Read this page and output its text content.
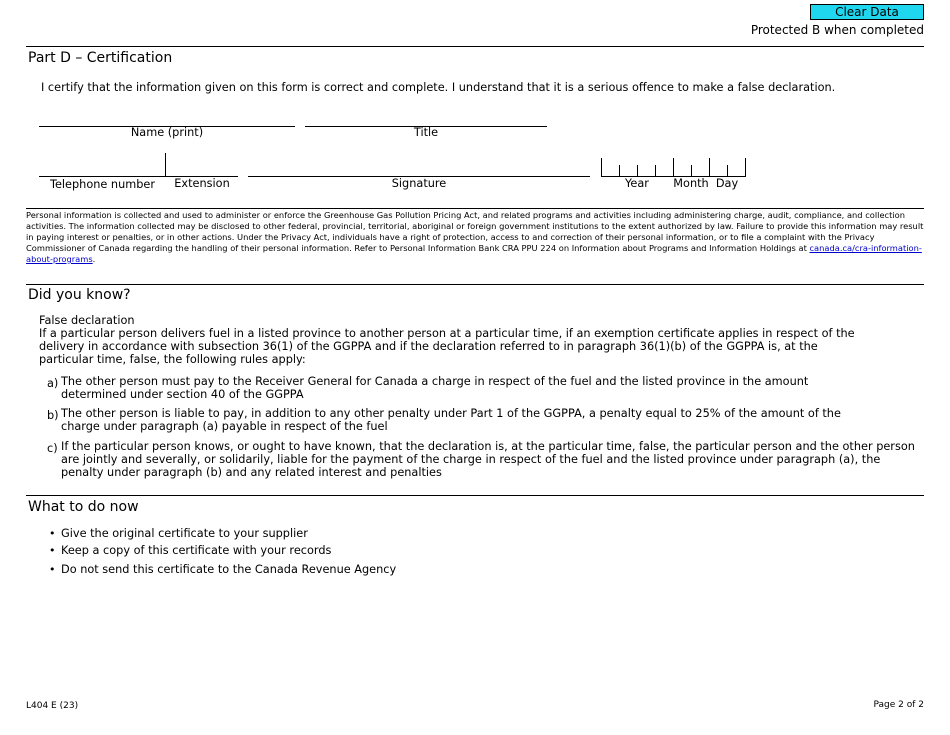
Clear Data
Protected B when completed
Part D – Certification
I certify that the information given on this form is correct and complete. I understand that it is a serious offence to make a false declaration.
Name (print)	Title
Telephone number	Extension	Signature	Year	Month Day
Personal information is collected and used to administer or enforce the Greenhouse Gas Pollution Pricing Act, and related programs and activities including administering charge, audit, compliance, and collection activities. The information collected may be disclosed to other federal, provincial, territorial, aboriginal or foreign government institutions to the extent authorized by law. Failure to provide this information may result in paying interest or penalties, or in other actions. Under the Privacy Act, individuals have a right of protection, access to and correction of their personal information, or to file a complaint with the Privacy Commissioner of Canada regarding the handling of their personal information. Refer to Personal Information Bank CRA PPU 224 on Information about Programs and Information Holdings at canada.ca/cra-information-about-programs.
Did you know?
False declaration
If a particular person delivers fuel in a listed province to another person at a particular time, if an exemption certificate applies in respect of the delivery in accordance with subsection 36(1) of the GGPPA and if the declaration referred to in paragraph 36(1)(b) of the GGPPA is, at the particular time, false, the following rules apply:
a) The other person must pay to the Receiver General for Canada a charge in respect of the fuel and the listed province in the amount determined under section 40 of the GGPPA
b) The other person is liable to pay, in addition to any other penalty under Part 1 of the GGPPA, a penalty equal to 25% of the amount of the charge under paragraph (a) payable in respect of the fuel
c) If the particular person knows, or ought to have known, that the declaration is, at the particular time, false, the particular person and the other person are jointly and severally, or solidarily, liable for the payment of the charge in respect of the fuel and the listed province under paragraph (a), the penalty under paragraph (b) and any related interest and penalties
What to do now
• Give the original certificate to your supplier
• Keep a copy of this certificate with your records
• Do not send this certificate to the Canada Revenue Agency
L404 E (23)	Page 2 of 2
